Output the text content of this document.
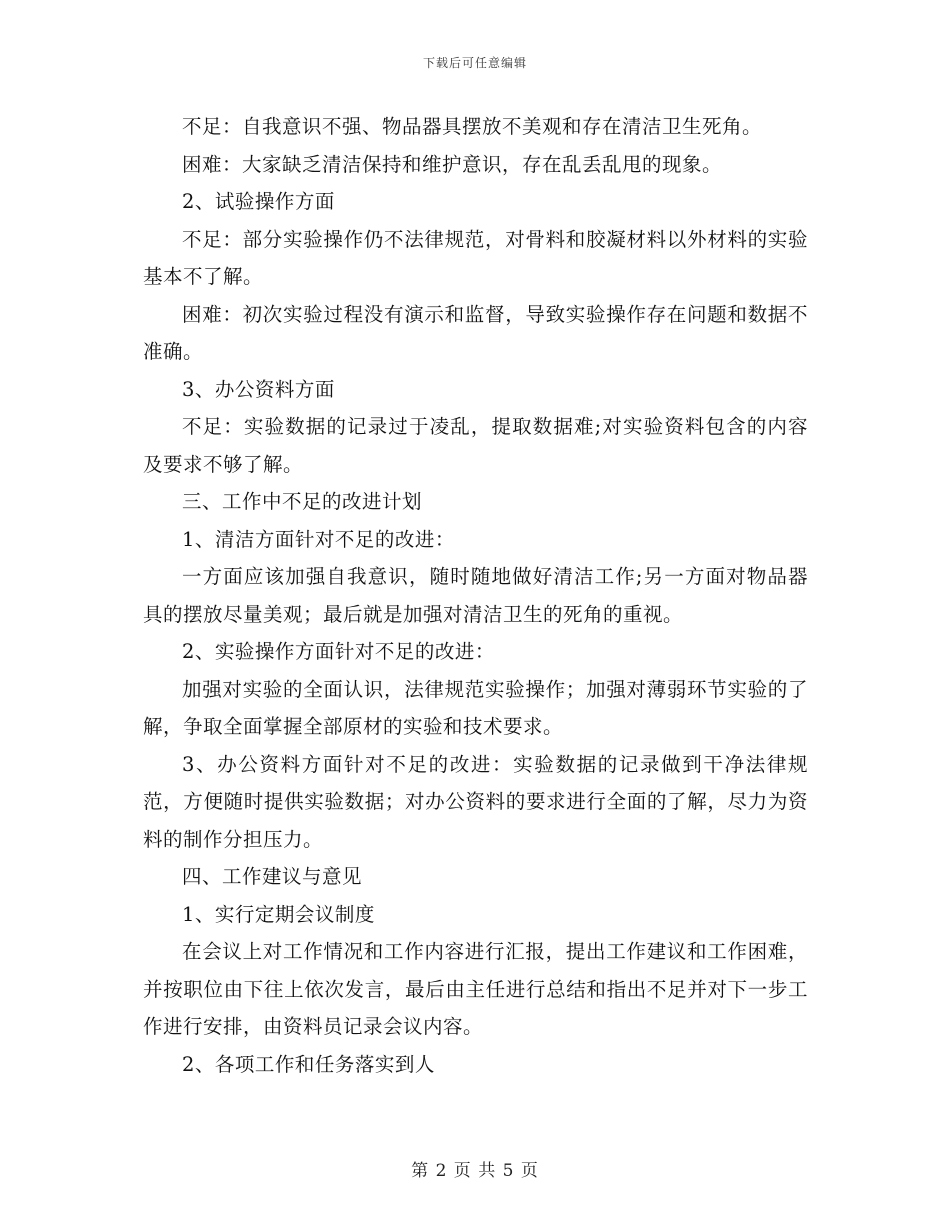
下载后可任意编辑

不足：自我意识不强、物品器具摆放不美观和存在清洁卫生死角。

困难：大家缺乏清洁保持和维护意识，存在乱丢乱甩的现象。

2、试验操作方面

不足：部分实验操作仍不法律规范，对骨料和胶凝材料以外材料的实验基本不了解。

困难：初次实验过程没有演示和监督，导致实验操作存在问题和数据不准确。

3、办公资料方面

不足：实验数据的记录过于凌乱，提取数据难;对实验资料包含的内容及要求不够了解。

三、工作中不足的改进计划

1、清洁方面针对不足的改进：

一方面应该加强自我意识，随时随地做好清洁工作;另一方面对物品器具的摆放尽量美观；最后就是加强对清洁卫生的死角的重视。

2、实验操作方面针对不足的改进：

加强对实验的全面认识，法律规范实验操作；加强对薄弱环节实验的了解，争取全面掌握全部原材的实验和技术要求。

3、办公资料方面针对不足的改进：实验数据的记录做到干净法律规范，方便随时提供实验数据；对办公资料的要求进行全面的了解，尽力为资料的制作分担压力。

四、工作建议与意见

1、实行定期会议制度

在会议上对工作情况和工作内容进行汇报，提出工作建议和工作困难，并按职位由下往上依次发言，最后由主任进行总结和指出不足并对下一步工作进行安排，由资料员记录会议内容。

2、各项工作和任务落实到人

第 2 页 共 5 页
